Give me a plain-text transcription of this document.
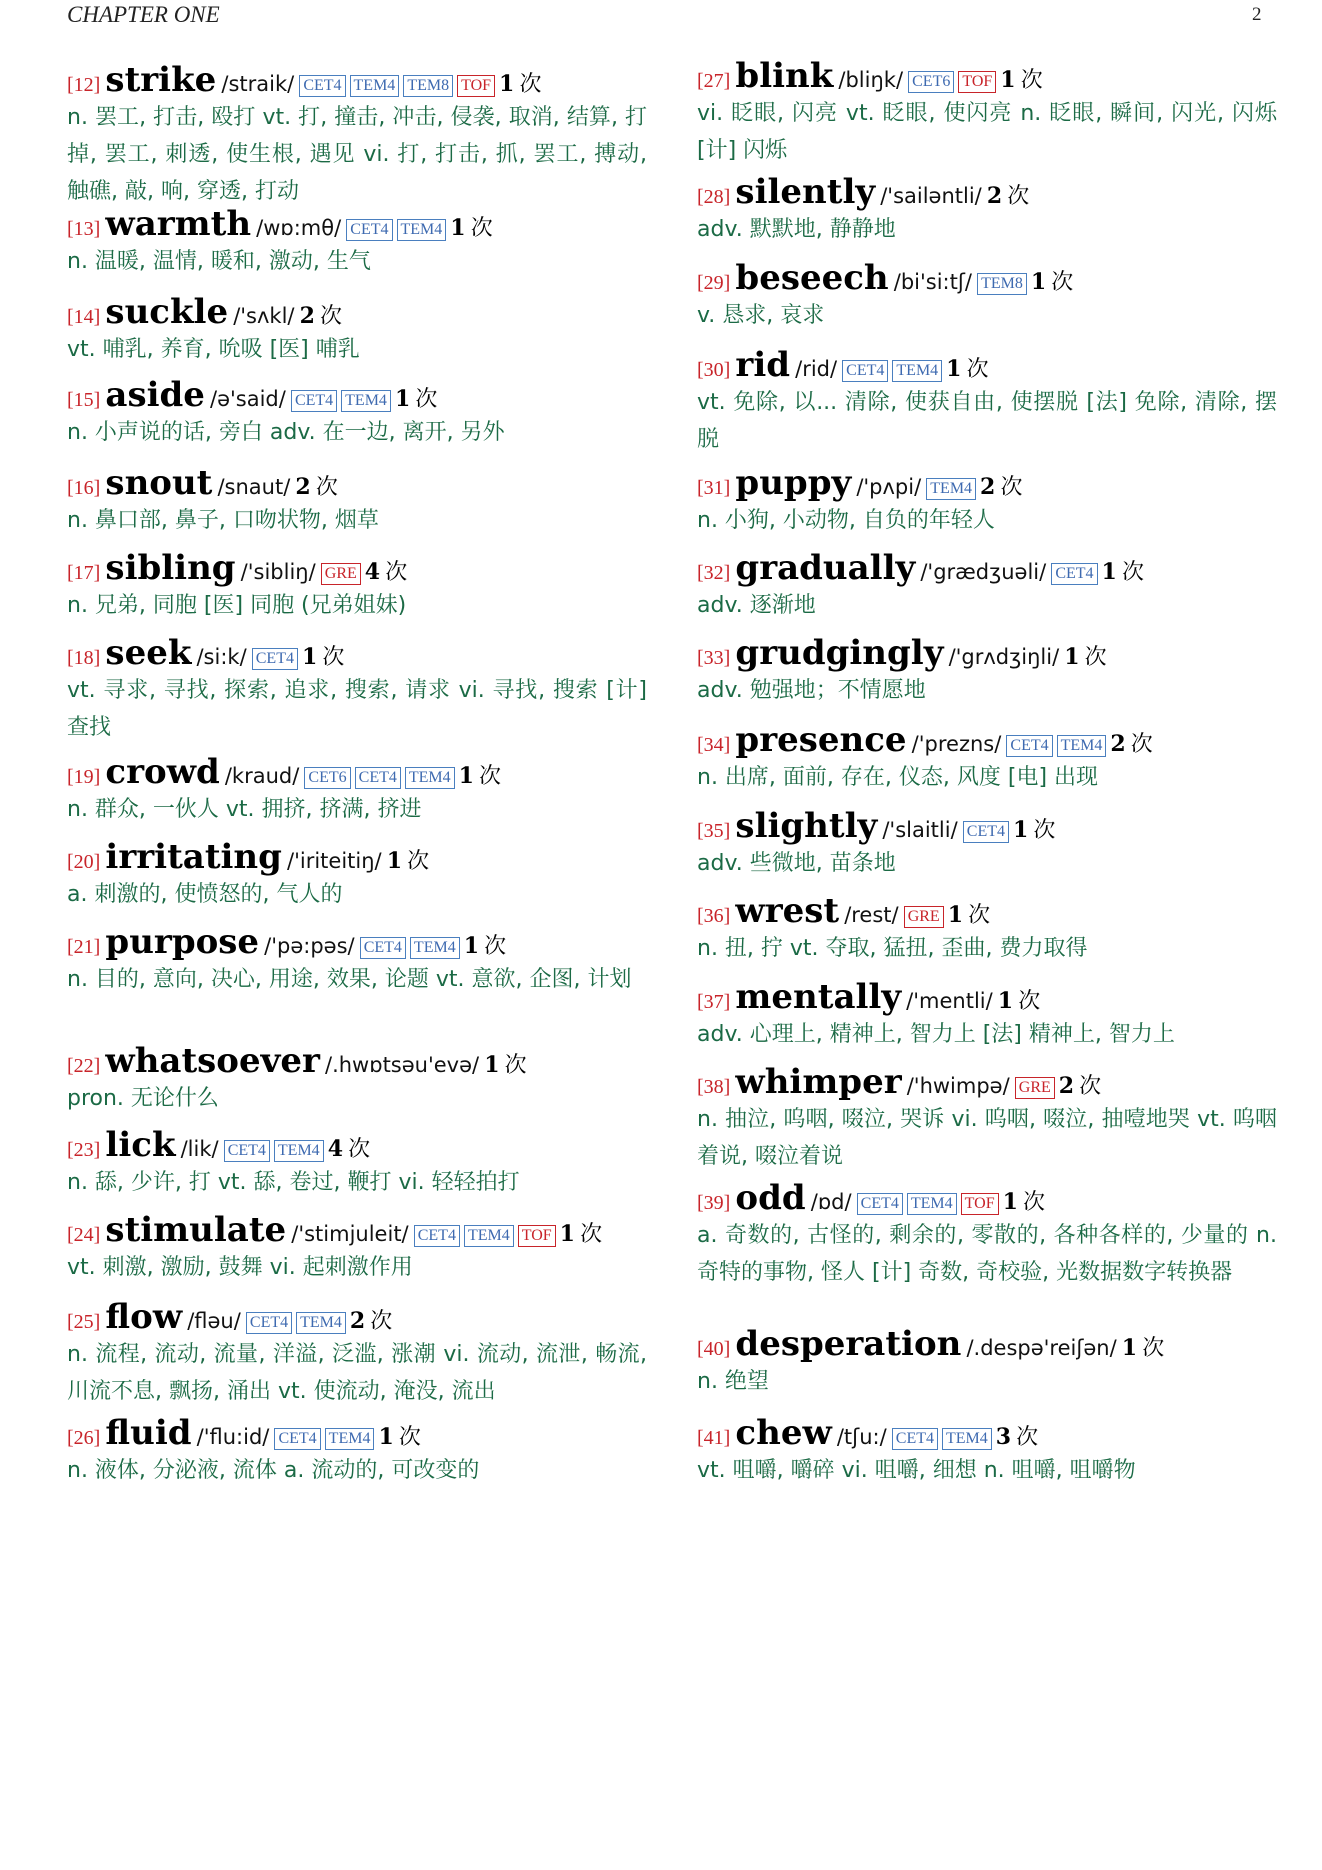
CHAPTER ONE	2
[12] strike /straik/ CET4 TEM4 TEM8 TOF 1 次
n. 罢工, 打击, 殴打 vt. 打, 撞击, 冲击, 侵袭, 取消, 结算, 打掉, 罢工, 刺透, 使生根, 遇见 vi. 打, 打击, 抓, 罢工, 搏动, 触礁, 敲, 响, 穿透, 打动
[13] warmth /wɒ:mθ/ CET4 TEM4 1 次
n. 温暖, 温情, 暖和, 激动, 生气
[14] suckle /'sʌkl/ 2 次
vt. 哺乳, 养育, 吮吸 [医] 哺乳
[15] aside /ə'said/ CET4 TEM4 1 次
n. 小声说的话, 旁白 adv. 在一边, 离开, 另外
[16] snout /snaut/ 2 次
n. 鼻口部, 鼻子, 口吻状物, 烟草
[17] sibling /'sibliŋ/ GRE 4 次
n. 兄弟, 同胞 [医] 同胞 (兄弟姐妹)
[18] seek /si:k/ CET4 1 次
vt. 寻求, 寻找, 探索, 追求, 搜索, 请求 vi. 寻找, 搜索 [计] 查找
[19] crowd /kraud/ CET6 CET4 TEM4 1 次
n. 群众, 一伙人 vt. 拥挤, 挤满, 挤进
[20] irritating /'iriteitiŋ/ 1 次
a. 刺激的, 使愤怒的, 气人的
[21] purpose /'pə:pəs/ CET4 TEM4 1 次
n. 目的, 意向, 决心, 用途, 效果, 论题 vt. 意欲, 企图, 计划
[22] whatsoever /.hwɒtsəu'evə/ 1 次
pron. 无论什么
[23] lick /lik/ CET4 TEM4 4 次
n. 舔, 少许, 打 vt. 舔, 卷过, 鞭打 vi. 轻轻拍打
[24] stimulate /'stimjuleit/ CET4 TEM4 TOF 1 次
vt. 刺激, 激励, 鼓舞 vi. 起刺激作用
[25] flow /fləu/ CET4 TEM4 2 次
n. 流程, 流动, 流量, 洋溢, 泛滥, 涨潮 vi. 流动, 流泄, 畅流, 川流不息, 飘扬, 涌出 vt. 使流动, 淹没, 流出
[26] fluid /'flu:id/ CET4 TEM4 1 次
n. 液体, 分泌液, 流体 a. 流动的, 可改变的
[27] blink /bliŋk/ CET6 TOF 1 次
vi. 眨眼, 闪亮 vt. 眨眼, 使闪亮 n. 眨眼, 瞬间, 闪光, 闪烁 [计] 闪烁
[28] silently /'sailəntli/ 2 次
adv. 默默地, 静静地
[29] beseech /bi'si:tʃ/ TEM8 1 次
v. 恳求, 哀求
[30] rid /rid/ CET4 TEM4 1 次
vt. 免除, 以... 清除, 使获自由, 使摆脱 [法] 免除, 清除, 摆脱
[31] puppy /'pʌpi/ TEM4 2 次
n. 小狗, 小动物, 自负的年轻人
[32] gradually /'grædʒuəli/ CET4 1 次
adv. 逐渐地
[33] grudgingly /'grʌdʒiŋli/ 1 次
adv. 勉强地；不情愿地
[34] presence /'prezns/ CET4 TEM4 2 次
n. 出席, 面前, 存在, 仪态, 风度 [电] 出现
[35] slightly /'slaitli/ CET4 1 次
adv. 些微地, 苗条地
[36] wrest /rest/ GRE 1 次
n. 扭, 拧 vt. 夺取, 猛扭, 歪曲, 费力取得
[37] mentally /'mentli/ 1 次
adv. 心理上, 精神上, 智力上 [法] 精神上, 智力上
[38] whimper /'hwimpə/ GRE 2 次
n. 抽泣, 呜咽, 啜泣, 哭诉 vi. 呜咽, 啜泣, 抽噎地哭 vt. 呜咽着说, 啜泣着说
[39] odd /ɒd/ CET4 TEM4 TOF 1 次
a. 奇数的, 古怪的, 剩余的, 零散的, 各种各样的, 少量的 n. 奇特的事物, 怪人 [计] 奇数, 奇校验, 光数据数字转换器
[40] desperation /.despə'reiʃən/ 1 次
n. 绝望
[41] chew /tʃu:/ CET4 TEM4 3 次
vt. 咀嚼, 嚼碎 vi. 咀嚼, 细想 n. 咀嚼, 咀嚼物
